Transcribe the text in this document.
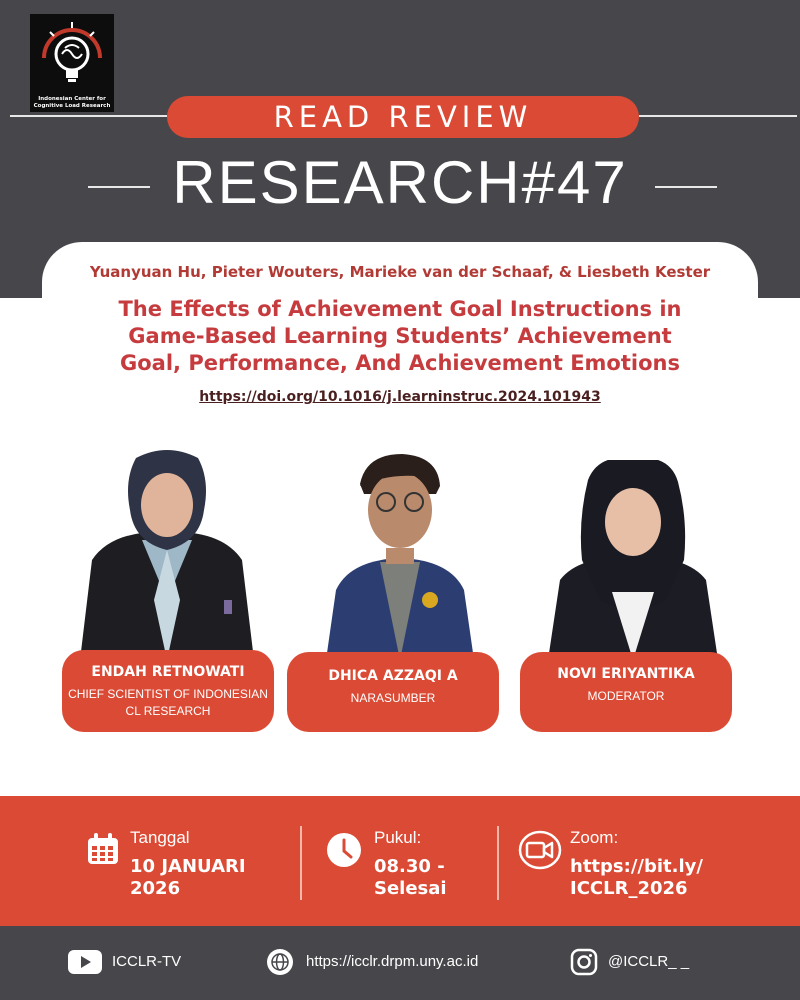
Indonesian Center for Cognitive Load Research	READ REVIEW
RESEARCH#47
Yuanyuan Hu, Pieter Wouters, Marieke van der Schaaf, & Liesbeth Kester
The Effects of Achievement Goal Instructions in
Game-Based Learning Students’ Achievement
Goal, Performance, And Achievement Emotions
https://doi.org/10.1016/j.learninstruc.2024.101943
ENDAH RETNOWATI
CHIEF SCIENTIST OF INDONESIAN
CL RESEARCH
DHICA AZZAQI A
NARASUMBER
NOVI ERIYANTIKA
MODERATOR
Tanggal
10 JANUARI
2026
Pukul:
08.30 -
Selesai
Zoom:
https://bit.ly/
ICCLR_2026
ICCLR-TV	https://icclr.drpm.uny.ac.id	@ICCLR_ _
